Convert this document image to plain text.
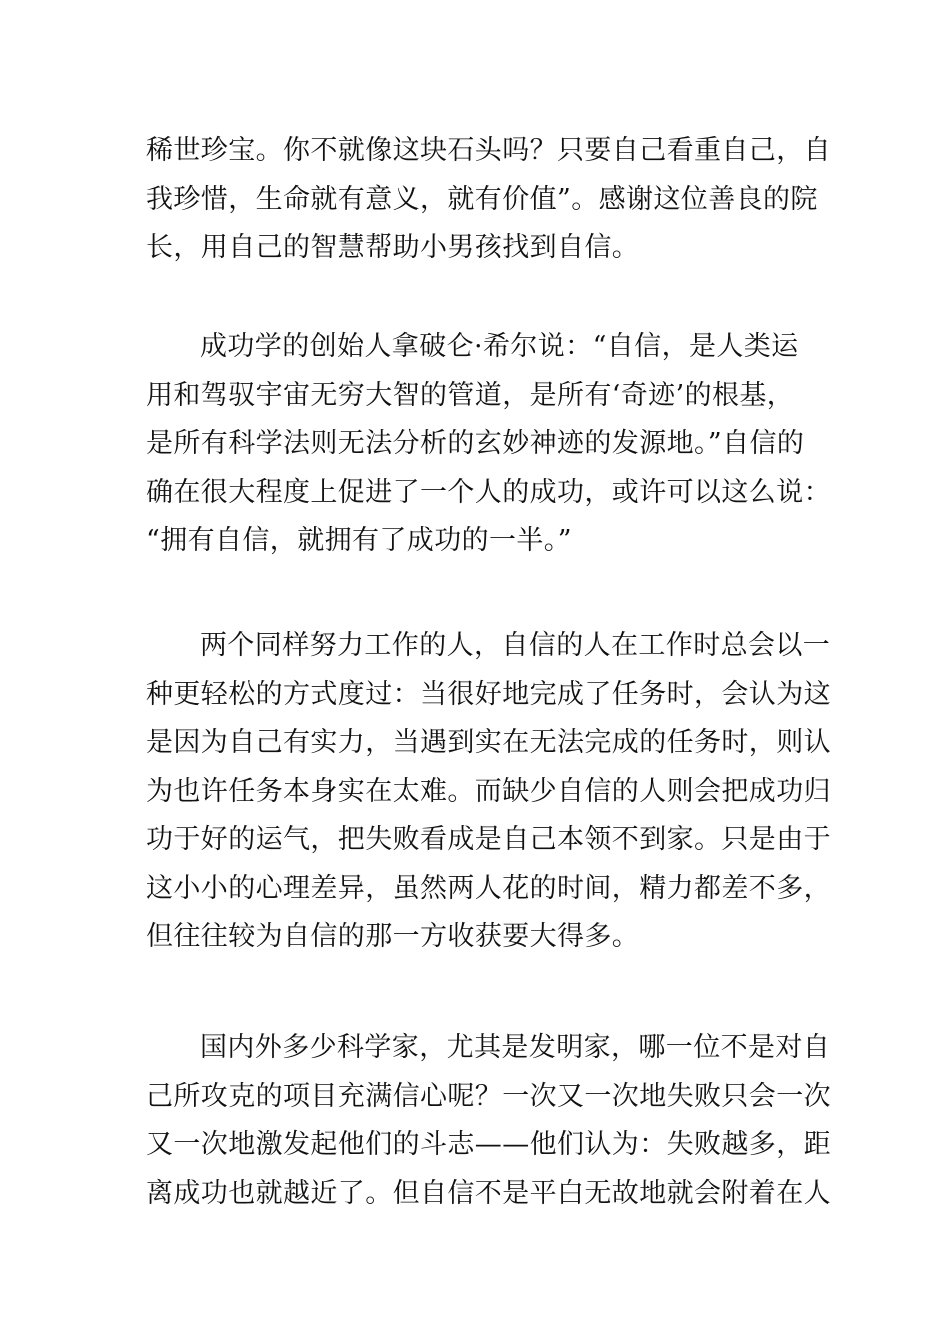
稀世珍宝。你不就像这块石头吗？只要自己看重自己，自
我珍惜，生命就有意义，就有价值”。感谢这位善良的院
长，用自己的智慧帮助小男孩找到自信。
成功学的创始人拿破仑·希尔说：“自信，是人类运
用和驾驭宇宙无穷大智的管道，是所有‘奇迹’的根基，
是所有科学法则无法分析的玄妙神迹的发源地。”自信的
确在很大程度上促进了一个人的成功，或许可以这么说：
“拥有自信，就拥有了成功的一半。”
两个同样努力工作的人，自信的人在工作时总会以一
种更轻松的方式度过：当很好地完成了任务时，会认为这
是因为自己有实力，当遇到实在无法完成的任务时，则认
为也许任务本身实在太难。而缺少自信的人则会把成功归
功于好的运气，把失败看成是自己本领不到家。只是由于
这小小的心理差异，虽然两人花的时间，精力都差不多，
但往往较为自信的那一方收获要大得多。
国内外多少科学家，尤其是发明家，哪一位不是对自
己所攻克的项目充满信心呢？一次又一次地失败只会一次
又一次地激发起他们的斗志——他们认为：失败越多，距
离成功也就越近了。但自信不是平白无故地就会附着在人
